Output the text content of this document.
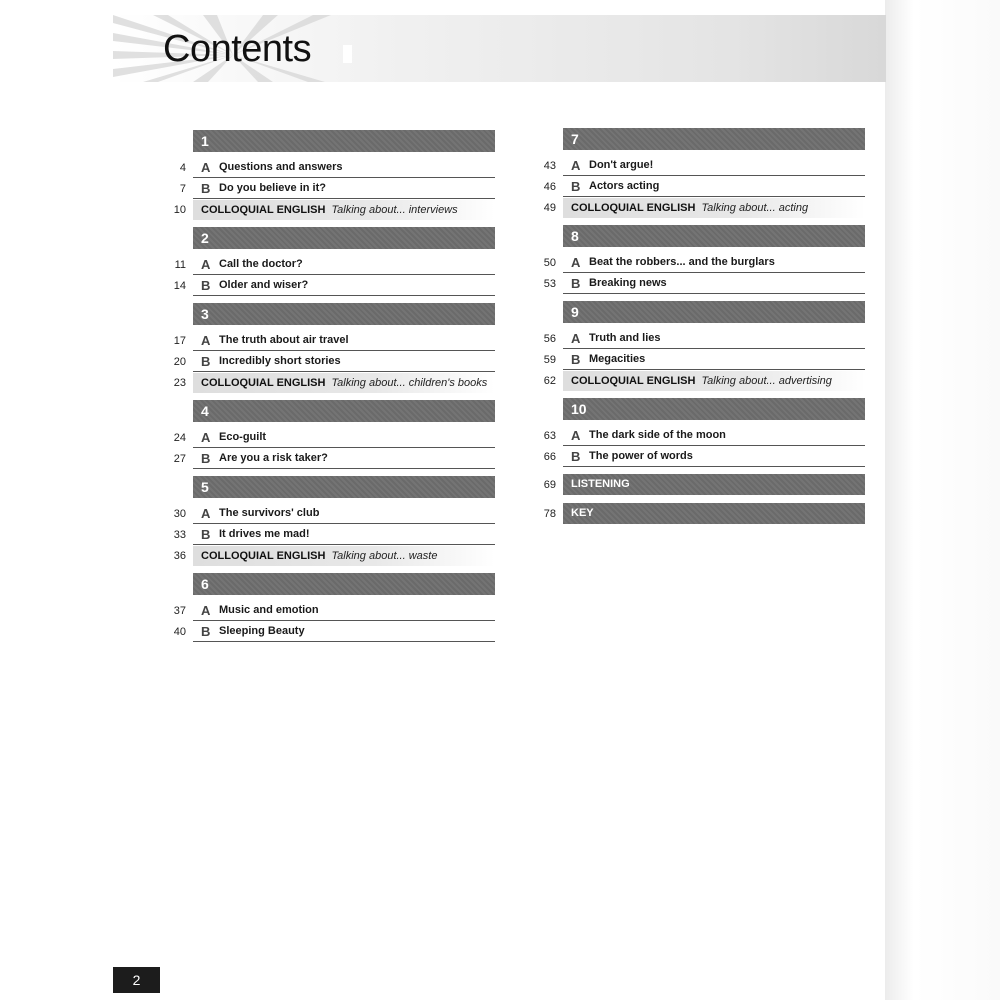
Contents
1
4	A Questions and answers
7	B Do you believe in it?
10 COLLOQUIAL ENGLISH Talking about... interviews
2
11	A Call the doctor?
14	B Older and wiser?
3
17	A The truth about air travel
20	B Incredibly short stories
23 COLLOQUIAL ENGLISH Talking about... children's books
4
24	A Eco-guilt
27	B Are you a risk taker?
5
30	A The survivors' club
33	B It drives me mad!
36 COLLOQUIAL ENGLISH Talking about... waste
6
37	A Music and emotion
40	B Sleeping Beauty
7
43	A Don't argue!
46	B Actors acting
49 COLLOQUIAL ENGLISH Talking about... acting
8
50	A Beat the robbers... and the burglars
53	B Breaking news
9
56	A Truth and lies
59	B Megacities
62 COLLOQUIAL ENGLISH Talking about... advertising
10
63	A The dark side of the moon
66	B The power of words
69	LISTENING
78	KEY
2
